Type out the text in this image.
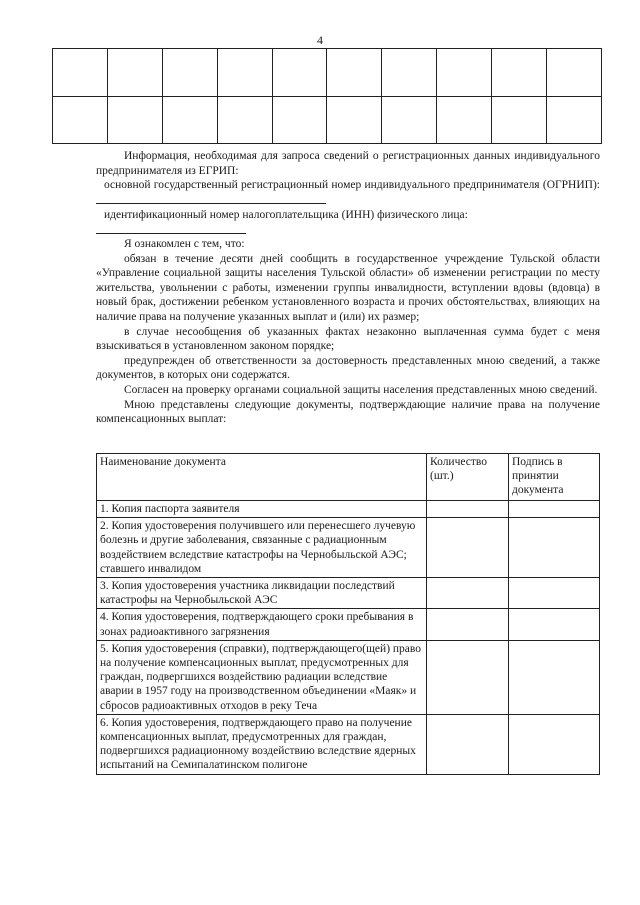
4

Информация, необходимая для запроса сведений о регистрационных данных индивидуального предпринимателя из ЕГРИП:

основной государственный регистрационный номер индивидуального предпринимателя (ОГРНИП):

идентификационный номер налогоплательщика (ИНН) физического лица:

Я ознакомлен с тем, что:

обязан в течение десяти дней сообщить в государственное учреждение Тульской области «Управление социальной защиты населения Тульской области» об изменении регистрации по месту жительства, увольнении с работы, изменении группы инвалидности, вступлении вдовы (вдовца) в новый брак, достижении ребенком установленного возраста и прочих обстоятельствах, влияющих на наличие права на получение указанных выплат и (или) их размер;

в случае несообщения об указанных фактах незаконно выплаченная сумма будет с меня взыскиваться в установленном законом порядке;

предупрежден об ответственности за достоверность представленных мною сведений, а также документов, в которых они содержатся.

Согласен на проверку органами социальной защиты населения представленных мною сведений.

Мною представлены следующие документы, подтверждающие наличие права на получение компенсационных выплат:

Наименование документа	Количество (шт.)	Подпись в принятии документа
1. Копия паспорта заявителя		
2. Копия удостоверения получившего или перенесшего лучевую болезнь и другие заболевания, связанные с радиационным воздействием вследствие катастрофы на Чернобыльской АЭС; ставшего инвалидом		
3. Копия удостоверения участника ликвидации последствий катастрофы на Чернобыльской АЭС		
4. Копия удостоверения, подтверждающего сроки пребывания в зонах радиоактивного загрязнения		
5. Копия удостоверения (справки), подтверждающего(щей) право на получение компенсационных выплат, предусмотренных для граждан, подвергшихся воздействию радиации вследствие аварии в 1957 году на производственном объединении «Маяк» и сбросов радиоактивных отходов в реку Теча		
6. Копия удостоверения, подтверждающего право на получение компенсационных выплат, предусмотренных для граждан, подвергшихся радиационному воздействию вследствие ядерных испытаний на Семипалатинском полигоне		
